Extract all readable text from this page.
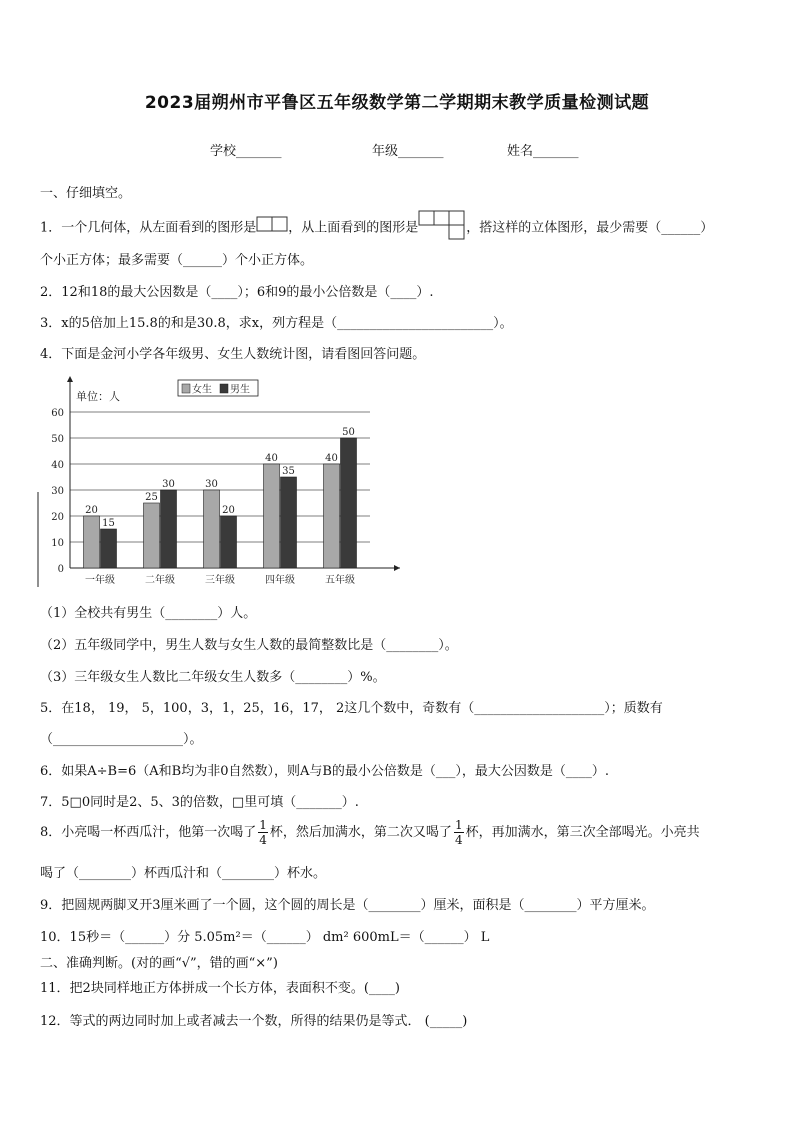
2023届朔州市平鲁区五年级数学第二学期期末教学质量检测试题
学校_______	年级_______	姓名_______
一、仔细填空。
1．一个几何体，从左面看到的图形是 ，从上面看到的图形是	，搭这样的立体图形，最少需要（______）
个小正方体；最多需要（______）个小正方体。
2．12和18的最大公因数是（____）；6和9的最小公倍数是（____）.
3．x的5倍加上15.8的和是30.8，求x，列方程是（________________________）。
4．下面是金河小学各年级男、女生人数统计图，请看图回答问题。
0
10
20
30
40
50
60
单位：人	女生 男生
20
15
一年级
25
30
二年级
30
20
三年级
40
35
四年级
40
50
五年级
（1）全校共有男生（________）人。
（2）五年级同学中，男生人数与女生人数的最简整数比是（________）。
（3）三年级女生人数比二年级女生人数多（________）%。
5．在18， 19， 5，100，3，1，25，16，17， 2这几个数中，奇数有（____________________）；质数有
（____________________）。
6．如果A÷B=6（A和B均为非0自然数），则A与B的最小公倍数是（___），最大公因数是（____）.
7．5□0同时是2、5、3的倍数，□里可填（_______）.
8．小亮喝一杯西瓜汁，他第一次喝了 $\frac{1}{4}$ 杯，然后加满水，第二次又喝了 $\frac{1}{4}$ 杯，再加满水，第三次全部喝光。小亮共
喝了（________）杯西瓜汁和（________）杯水。
9．把圆规两脚叉开3厘米画了一个圆，这个圆的周长是（________）厘米，面积是（________）平方厘米。
10．15秒＝（______）分 5.05m²＝（______） dm² 600mL＝（______） L
二、准确判断。(对的画“√”，错的画“×”)
11．把2块同样地正方体拼成一个长方体，表面积不变。(____)
12．等式的两边同时加上或者减去一个数，所得的结果仍是等式． (_____)
